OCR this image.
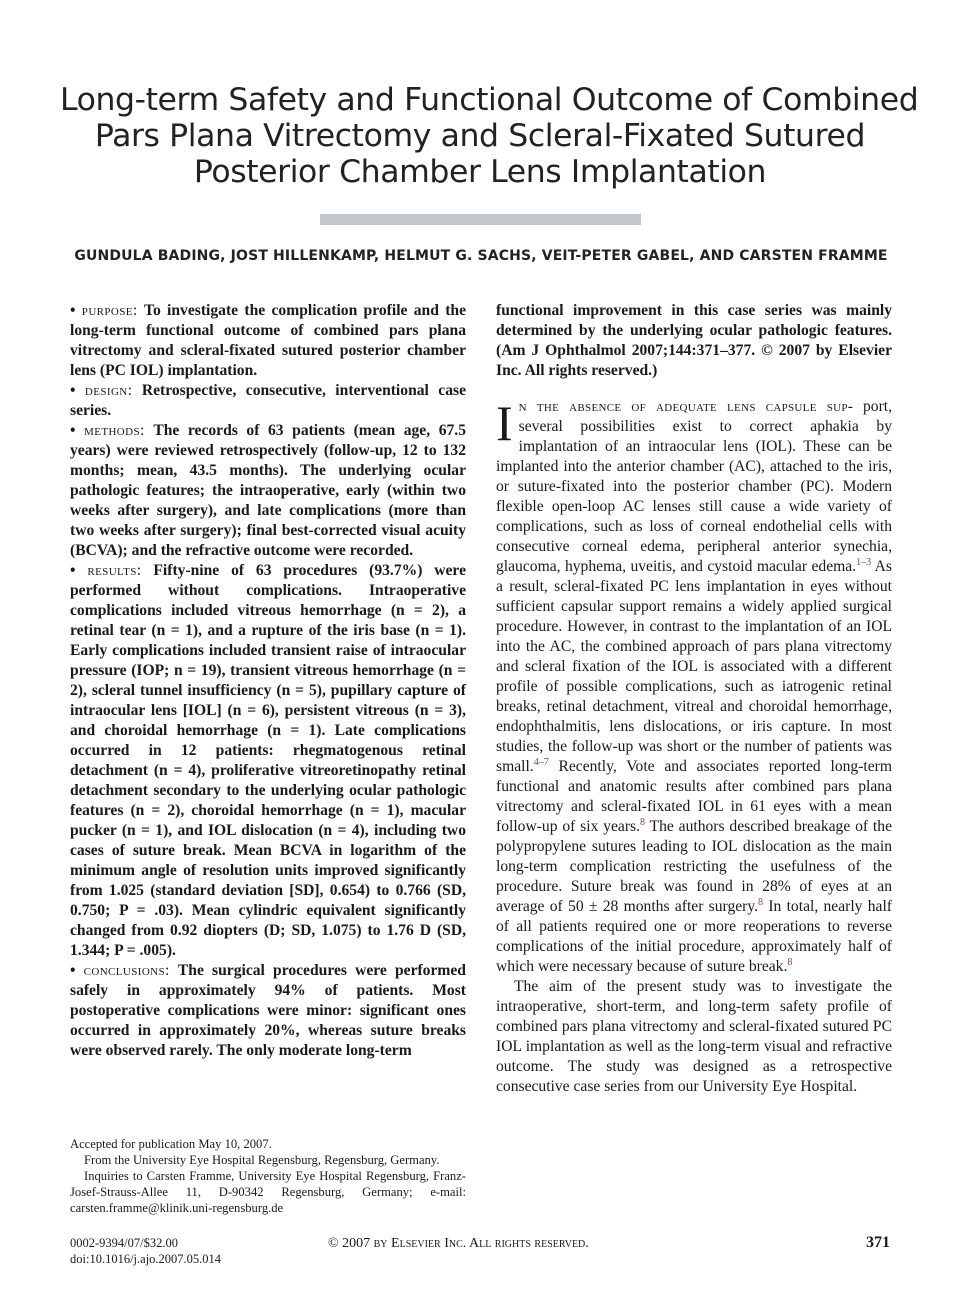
Long-term Safety and Functional Outcome of Combined
Pars Plana Vitrectomy and Scleral-Fixated Sutured
Posterior Chamber Lens Implantation
GUNDULA BADING, JOST HILLENKAMP, HELMUT G. SACHS, VEIT-PETER GABEL, AND CARSTEN FRAMME

• purpose: To investigate the complication profile and the long-term functional outcome of combined pars plana vitrectomy and scleral-fixated sutured posterior chamber lens (PC IOL) implantation.

• design: Retrospective, consecutive, interventional case series.

• methods: The records of 63 patients (mean age, 67.5 years) were reviewed retrospectively (follow-up, 12 to 132 months; mean, 43.5 months). The underlying ocular pathologic features; the intraoperative, early (within two weeks after surgery), and late complications (more than two weeks after surgery); final best-corrected visual acuity (BCVA); and the refractive outcome were recorded.

• results: Fifty-nine of 63 procedures (93.7%) were performed without complications. Intraoperative complications included vitreous hemorrhage (n = 2), a retinal tear (n = 1), and a rupture of the iris base (n = 1). Early complications included transient raise of intraocular pressure (IOP; n = 19), transient vitreous hemorrhage (n = 2), scleral tunnel insufficiency (n = 5), pupillary capture of intraocular lens [IOL] (n = 6), persistent vitreous (n = 3), and choroidal hemorrhage (n = 1). Late complications occurred in 12 patients: rhegmatogenous retinal detachment (n = 4), proliferative vitreoretinopathy retinal detachment secondary to the underlying ocular pathologic features (n = 2), choroidal hemorrhage (n = 1), macular pucker (n = 1), and IOL dislocation (n = 4), including two cases of suture break. Mean BCVA in logarithm of the minimum angle of resolution units improved significantly from 1.025 (standard deviation [SD], 0.654) to 0.766 (SD, 0.750; P = .03). Mean cylindric equivalent significantly changed from 0.92 diopters (D; SD, 1.075) to 1.76 D (SD, 1.344; P = .005).

• conclusions: The surgical procedures were performed safely in approximately 94% of patients. Most postoperative complications were minor: significant ones occurred in approximately 20%, whereas suture breaks were observed rarely. The only moderate long-term

functional improvement in this case series was mainly determined by the underlying ocular pathologic features. (Am J Ophthalmol 2007;144:371–377. © 2007 by Elsevier Inc. All rights reserved.)

In the absence of adequate lens capsule sup- port, several possibilities exist to correct aphakia by implantation of an intraocular lens (IOL). These can be implanted into the anterior chamber (AC), attached to the iris, or suture-fixated into the posterior chamber (PC). Modern flexible open-loop AC lenses still cause a wide variety of complications, such as loss of corneal endothelial cells with consecutive corneal edema, peripheral anterior synechia, glaucoma, hyphema, uveitis, and cystoid macular edema.$^{1-3}$ As a result, scleral-fixated PC lens implantation in eyes without sufficient capsular support remains a widely applied surgical procedure. However, in contrast to the implantation of an IOL into the AC, the combined approach of pars plana vitrectomy and scleral fixation of the IOL is associated with a different profile of possible complications, such as iatrogenic retinal breaks, retinal detachment, vitreal and choroidal hemorrhage, endophthalmitis, lens dislocations, or iris capture. In most studies, the follow-up was short or the number of patients was small.$^{4-7}$ Recently, Vote and associates reported long-term functional and anatomic results after combined pars plana vitrectomy and scleral-fixated IOL in 61 eyes with a mean follow-up of six years.$^8$ The authors described breakage of the polypropylene sutures leading to IOL dislocation as the main long-term complication restricting the usefulness of the procedure. Suture break was found in 28% of eyes at an average of 50 ± 28 months after surgery.$^8$ In total, nearly half of all patients required one or more reoperations to reverse complications of the initial procedure, approximately half of which were necessary because of suture break.$^8$

The aim of the present study was to investigate the intraoperative, short-term, and long-term safety profile of combined pars plana vitrectomy and scleral-fixated sutured PC IOL implantation as well as the long-term visual and refractive outcome. The study was designed as a retrospective consecutive case series from our University Eye Hospital.

Accepted for publication May 10, 2007.

From the University Eye Hospital Regensburg, Regensburg, Germany.

Inquiries to Carsten Framme, University Eye Hospital Regensburg, Franz-Josef-Strauss-Allee 11, D-90342 Regensburg, Germany; e-mail: carsten.framme@klinik.uni-regensburg.de

0002-9394/07/$32.00
doi:10.1016/j.ajo.2007.05.014
© 2007 by Elsevier Inc. All rights reserved.	371
